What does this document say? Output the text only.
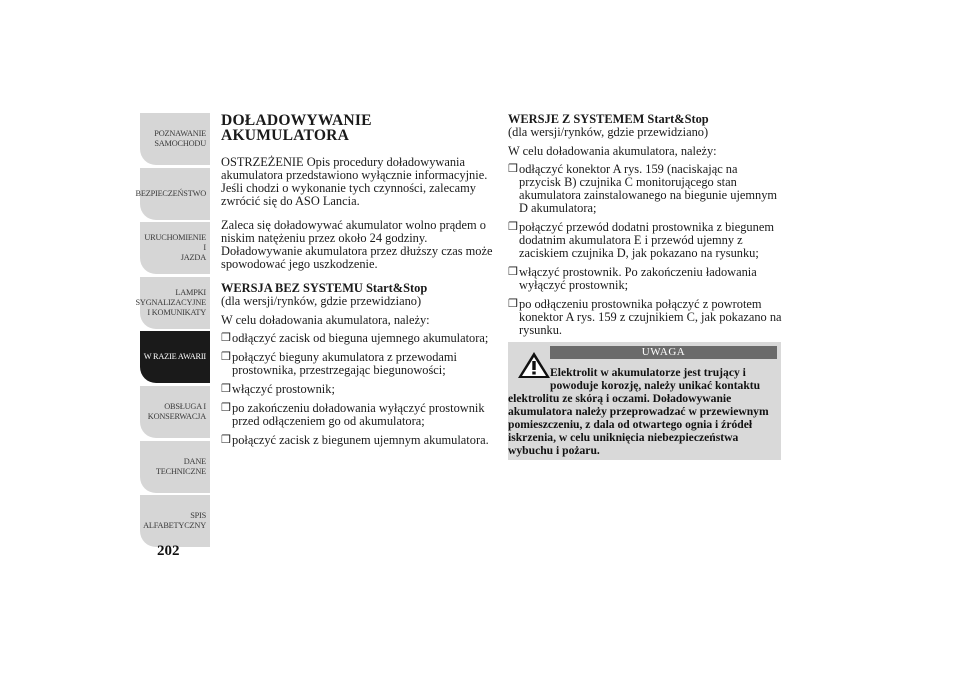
POZNAWANIE
SAMOCHODU
BEZPIECZEŃSTWO
URUCHOMIENIE I
JAZDA
LAMPKI
SYGNALIZACYJNE
I KOMUNIKATY
W RAZIE AWARII
OBSŁUGA I
KONSERWACJA
DANE
TECHNICZNE
SPIS
ALFABETYCZNY
202
DOŁADOWYWANIE
AKUMULATORA

OSTRZEŻENIE Opis procedury doładowywania akumulatora przedstawiono wyłącznie informacyjnie. Jeśli chodzi o wykonanie tych czynności, zalecamy zwrócić się do ASO Lancia.

Zaleca się doładowywać akumulator wolno prądem o niskim natężeniu przez około 24 godziny. Doładowywanie akumulatora przez dłuższy czas może spowodować jego uszkodzenie.

WERSJA BEZ SYSTEMU Start&Stop

(dla wersji/rynków, gdzie przewidziano)

W celu doładowania akumulatora, należy:

❒ odłączyć zacisk od bieguna ujemnego akumulatora;
❒ połączyć bieguny akumulatora z przewodami prostownika, przestrzegając biegunowości;
❒ włączyć prostownik;
❒ po zakończeniu doładowania wyłączyć prostownik przed odłączeniem go od akumulatora;
❒ połączyć zacisk z biegunem ujemnym akumulatora.

WERSJE Z SYSTEMEM Start&Stop

(dla wersji/rynków, gdzie przewidziano)

W celu doładowania akumulatora, należy:

❒ odłączyć konektor A rys. 159 (naciskając na przycisk B) czujnika C monitorującego stan akumulatora zainstalowanego na biegunie ujemnym D akumulatora;
❒ połączyć przewód dodatni prostownika z biegunem dodatnim akumulatora E i przewód ujemny z zaciskiem czujnika D, jak pokazano na rysunku;
❒ włączyć prostownik. Po zakończeniu ładowania wyłączyć prostownik;
❒ po odłączeniu prostownika połączyć z powrotem konektor A rys. 159 z czujnikiem C, jak pokazano na rysunku.
UWAGA
Elektrolit w akumulatorze jest trujący i
powoduje korozję, należy unikać kontaktu
elektrolitu ze skórą i oczami. Doładowywanie akumulatora należy przeprowadzać w przewiewnym pomieszczeniu, z dala od otwartego ognia i źródeł iskrzenia, w celu uniknięcia niebezpieczeństwa wybuchu i pożaru.
